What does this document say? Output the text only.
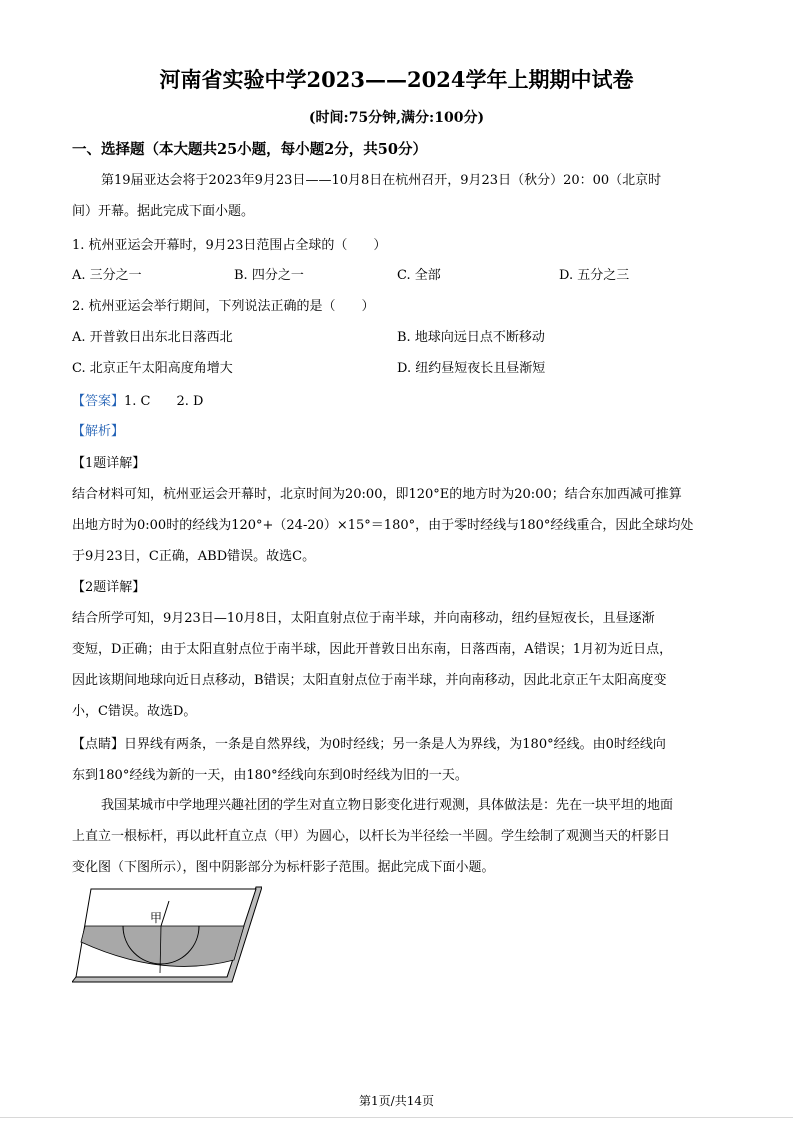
河南省实验中学2023——2024学年上期期中试卷
(时间:75分钟,满分:100分)
一、选择题（本大题共25小题，每小题2分，共50分）
第19届亚达会将于2023年9月23日——10月8日在杭州召开，9月23日（秋分）20：00（北京时
间）开幕。据此完成下面小题。
1. 杭州亚运会开幕时，9月23日范围占全球的（　　）
A. 三分之一	B. 四分之一	C. 全部	D. 五分之三
2. 杭州亚运会举行期间，下列说法正确的是（　　）
A. 开普敦日出东北日落西北	B. 地球向远日点不断移动
C. 北京正午太阳高度角增大	D. 纽约昼短夜长且昼渐短
【答案】1. C　　2. D
【解析】
【1题详解】
结合材料可知，杭州亚运会开幕时，北京时间为20:00，即120°E的地方时为20:00；结合东加西减可推算
出地方时为0:00时的经线为120°+（24-20）×15°＝180°，由于零时经线与180°经线重合，因此全球均处
于9月23日，C正确，ABD错误。故选C。
【2题详解】
结合所学可知，9月23日—10月8日，太阳直射点位于南半球，并向南移动，纽约昼短夜长，且昼逐渐
变短，D正确；由于太阳直射点位于南半球，因此开普敦日出东南，日落西南，A错误；1月初为近日点，
因此该期间地球向近日点移动，B错误；太阳直射点位于南半球，并向南移动，因此北京正午太阳高度变
小，C错误。故选D。
【点睛】日界线有两条，一条是自然界线，为0时经线；另一条是人为界线，为180°经线。由0时经线向
东到180°经线为新的一天，由180°经线向东到0时经线为旧的一天。
我国某城市中学地理兴趣社团的学生对直立物日影变化进行观测，具体做法是：先在一块平坦的地面
上直立一根标杆，再以此杆直立点（甲）为圆心，以杆长为半径绘一半圆。学生绘制了观测当天的杆影日
变化图（下图所示），图中阴影部分为标杆影子范围。据此完成下面小题。
甲
第1页/共14页
